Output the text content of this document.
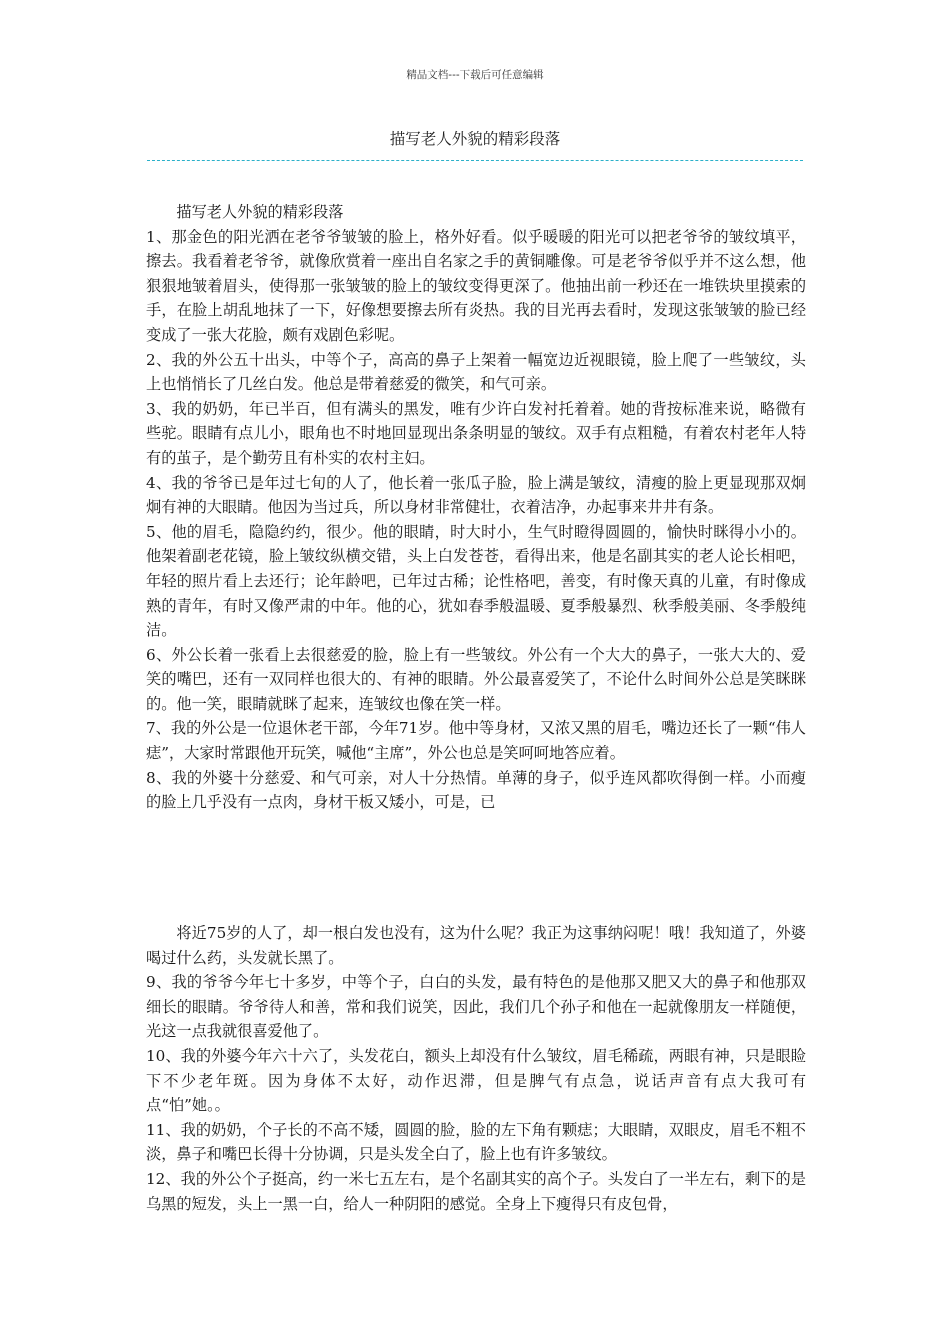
精品文档---下载后可任意编辑
描写老人外貌的精彩段落

描写老人外貌的精彩段落

1、那金色的阳光洒在老爷爷皱皱的脸上，格外好看。似乎暖暖的阳光可以把老爷爷的皱纹填平，擦去。我看着老爷爷，就像欣赏着一座出自名家之手的黄铜雕像。可是老爷爷似乎并不这么想，他狠狠地皱着眉头，使得那一张皱皱的脸上的皱纹变得更深了。他抽出前一秒还在一堆铁块里摸索的手，在脸上胡乱地抹了一下，好像想要擦去所有炎热。我的目光再去看时，发现这张皱皱的脸已经变成了一张大花脸，颇有戏剧色彩呢。

2、我的外公五十出头，中等个子，高高的鼻子上架着一幅宽边近视眼镜，脸上爬了一些皱纹，头上也悄悄长了几丝白发。他总是带着慈爱的微笑，和气可亲。

3、我的奶奶，年已半百，但有满头的黑发，唯有少许白发衬托着着。她的背按标准来说，略微有些驼。眼睛有点儿小，眼角也不时地回显现出条条明显的皱纹。双手有点粗糙，有着农村老年人特有的茧子，是个勤劳且有朴实的农村主妇。

4、我的爷爷已是年过七旬的人了，他长着一张瓜子脸，脸上满是皱纹，清瘦的脸上更显现那双炯炯有神的大眼睛。他因为当过兵，所以身材非常健壮，衣着洁净，办起事来井井有条。

5、他的眉毛，隐隐约约，很少。他的眼睛，时大时小，生气时瞪得圆圆的，愉快时眯得小小的。他架着副老花镜，脸上皱纹纵横交错，头上白发苍苍，看得出来，他是名副其实的老人论长相吧，年轻的照片看上去还行；论年龄吧，已年过古稀；论性格吧，善变，有时像天真的儿童，有时像成熟的青年，有时又像严肃的中年。他的心，犹如春季般温暖、夏季般暴烈、秋季般美丽、冬季般纯洁。

6、外公长着一张看上去很慈爱的脸，脸上有一些皱纹。外公有一个大大的鼻子，一张大大的、爱笑的嘴巴，还有一双同样也很大的、有神的眼睛。外公最喜爱笑了，不论什么时间外公总是笑眯眯的。他一笑，眼睛就眯了起来，连皱纹也像在笑一样。

7、我的外公是一位退休老干部，今年71岁。他中等身材，又浓又黑的眉毛，嘴边还长了一颗“伟人痣”，大家时常跟他开玩笑，喊他“主席”，外公也总是笑呵呵地答应着。

8、我的外婆十分慈爱、和气可亲，对人十分热情。单薄的身子，似乎连风都吹得倒一样。小而瘦的脸上几乎没有一点肉，身材干板又矮小，可是，已

将近75岁的人了，却一根白发也没有，这为什么呢？我正为这事纳闷呢！哦！我知道了，外婆喝过什么药，头发就长黑了。

9、我的爷爷今年七十多岁，中等个子，白白的头发，最有特色的是他那又肥又大的鼻子和他那双细长的眼睛。爷爷待人和善，常和我们说笑，因此，我们几个孙子和他在一起就像朋友一样随便，光这一点我就很喜爱他了。

10、我的外婆今年六十六了，头发花白，额头上却没有什么皱纹，眉毛稀疏，两眼有神，只是眼睑下不少老年斑。因为身体不太好，动作迟滞，但是脾气有点急，说话声音有点大我可有点“怕”她。。

11、我的奶奶，个子长的不高不矮，圆圆的脸，脸的左下角有颗痣；大眼睛，双眼皮，眉毛不粗不淡，鼻子和嘴巴长得十分协调，只是头发全白了，脸上也有许多皱纹。

12、我的外公个子挺高，约一米七五左右，是个名副其实的高个子。头发白了一半左右，剩下的是乌黑的短发，头上一黑一白，给人一种阴阳的感觉。全身上下瘦得只有皮包骨，
